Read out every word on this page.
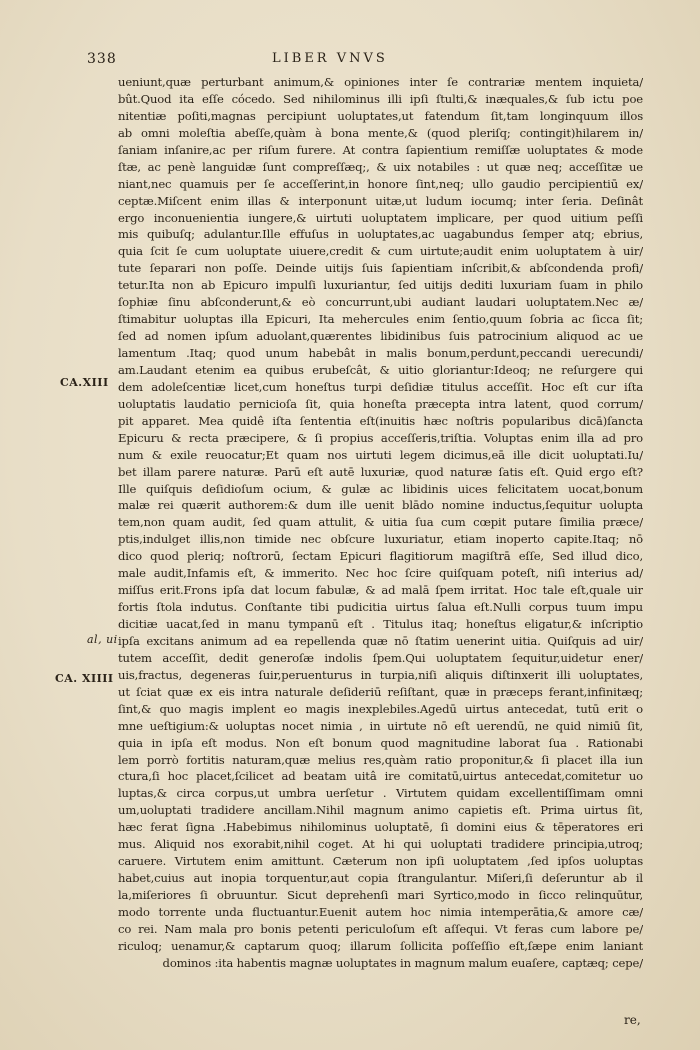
338	LIBER VNVS
CA.XIII
al, ui
CA. XIIII
ueniunt,quæ perturbant animum,& opiniones inter ſe contrariæ mentem inquieta/
bût.Quod ita eſſe cócedo. Sed nihilominus illi ipſi ſtulti,& inæquales,& ſub ictu poe
nitentiæ poſiti,magnas percipiunt uoluptates,ut fatendum ſit,tam longinquum illos
ab omni moleſtia abeſſe,quàm à bona mente,& (quod pleriſq; contingit)hilarem in/
ſaniam inſanire,ac per riſum furere. At contra ſapientium remiſſæ uoluptates & mode
ſtæ, ac penè languidæ ſunt compreſſæq;, & uix notabiles : ut quæ neq; acceſſitæ ue
niant,nec quamuis per ſe acceſſerint,in honore ſint,neq; ullo gaudio percipientiū ex/
ceptæ.Miſcent enim illas & interponunt uitæ,ut ludum iocumq; inter ſeria. Deſinât
ergo inconuenientia iungere,& uirtuti uoluptatem implicare, per quod uitium peſſi
mis quibuſq; adulantur.Ille effuſus in uoluptates,ac uagabundus ſemper atq; ebrius,
quia ſcit ſe cum uoluptate uiuere,credit & cum uirtute;audit enim uoluptatem à uir/
tute ſeparari non poſſe. Deinde uitijs ſuis ſapientiam inſcribit,& abſcondenda profi/
tetur.Ita non ab Epicuro impulſi luxuriantur, ſed uitijs dediti luxuriam ſuam in philo
ſophiæ ſinu abſconderunt,& eò concurrunt,ubi audiant laudari uoluptatem.Nec æ/
ſtimabitur uoluptas illa Epicuri, Ita mehercules enim ſentio,quum ſobria ac ſicca ſit;
ſed ad nomen ipſum aduolant,quærentes libidinibus ſuis patrocinium aliquod ac ue
lamentum .Itaq; quod unum habebât in malis bonum,perdunt,peccandi uerecundi/
am.Laudant etenim ea quibus erubeſcât, & uitio gloriantur:Ideoq; ne reſurgere qui
dem adoleſcentiæ licet,cum honeſtus turpi deſidiæ titulus acceſſit. Hoc eſt cur iſta
uoluptatis laudatio pernicioſa ſit, quia honeſta præcepta intra latent, quod corrum/
pit apparet. Mea quidê iſta ſententia eſt(inuitis hæc noſtris popularibus dicā)ſancta
Epicuru & recta præcipere, & ſi propius acceſſeris,triſtia. Voluptas enim illa ad pro
num & exile reuocatur;Et quam nos uirtuti legem dicimus,eā ille dicit uoluptati.Iu/
bet illam parere naturæ. Parū eſt autē luxuriæ, quod naturæ ſatis eſt. Quid ergo eſt?
Ille quiſquis deſidioſum ocium, & gulæ ac libidinis uices felicitatem uocat,bonum
malæ rei quærit authorem:& dum ille uenit blādo nomine inductus,ſequitur uolupta
tem,non quam audit, ſed quam attulit, & uitia ſua cum cœpit putare ſimilia præce/
ptis,indulget illis,non timide nec obſcure luxuriatur, etiam inoperto capite.Itaq; nō
dico quod pleriq; noſtrorū, ſectam Epicuri flagitiorum magiſtrā eſſe, Sed illud dico,
male audit,Infamis eſt, & immerito. Nec hoc ſcire quiſquam poteſt, niſi interius ad/
miſſus erit.Frons ipſa dat locum fabulæ, & ad malā ſpem irritat. Hoc tale eſt,quale uir
fortis ſtola indutus. Conſtante tibi pudicitia uirtus ſalua eſt.Nulli corpus tuum impu
dicitiæ uacat,ſed in manu tympanū eſt . Titulus itaq; honeſtus eligatur,& inſcriptio
ipſa excitans animum ad ea repellenda quæ nō ſtatim uenerint uitia. Quiſquis ad uir/
tutem acceſſit, dedit generoſæ indolis ſpem.Qui uoluptatem ſequitur,uidetur ener/
uis,fractus, degeneras ſuir,peruenturus in turpia,niſi aliquis diſtinxerit illi uoluptates,
ut ſciat quæ ex eis intra naturale deſideriū reſiſtant, quæ in præceps ferant,infinitæq;
ſint,& quo magis implent eo magis inexplebiles.Agedū uirtus antecedat, tutū erit o
mne ueſtigium:& uoluptas nocet nimia , in uirtute nō eſt uerendū, ne quid nimiū ſit,
quia in ipſa eſt modus. Non eſt bonum quod magnitudine laborat ſua . Rationabi
lem porrò fortitis naturam,quæ melius res,quàm ratio proponitur,& ſi placet illa iun
ctura,ſi hoc placet,ſcilicet ad beatam uitâ ire comitatū,uirtus antecedat,comitetur uo
luptas,& circa corpus,ut umbra uerſetur . Virtutem quidam excellentiſſimam omni
um,uoluptati tradidere ancillam.Nihil magnum animo capietis eſt. Prima uirtus ſit,
hæc ferat ſigna .Habebimus nihilominus uoluptatē, ſi domini eius & tēperatores eri
mus. Aliquid nos exorabit,nihil coget. At hi qui uoluptati tradidere principia,utroq;
caruere. Virtutem enim amittunt. Cæterum non ipſi uoluptatem ,ſed ipſos uoluptas
habet,cuius aut inopia torquentur,aut copia ſtrangulantur. Miſeri,ſi deſeruntur ab il
la,miſeriores ſi obruuntur. Sicut deprehenſi mari Syrtico,modo in ſicco relinquūtur,
modo torrente unda fluctuantur.Euenit autem hoc nimia intemperātia,& amore cæ/
co rei. Nam mala pro bonis petenti periculoſum eſt aſſequi. Vt feras cum labore pe/
riculoq; uenamur,& captarum quoq; illarum ſollicita poſſeſſio eſt,ſæpe enim laniant
dominos :ita habentis magnæ uoluptates in magnum malum euaſere, captæq; cepe/
re,
